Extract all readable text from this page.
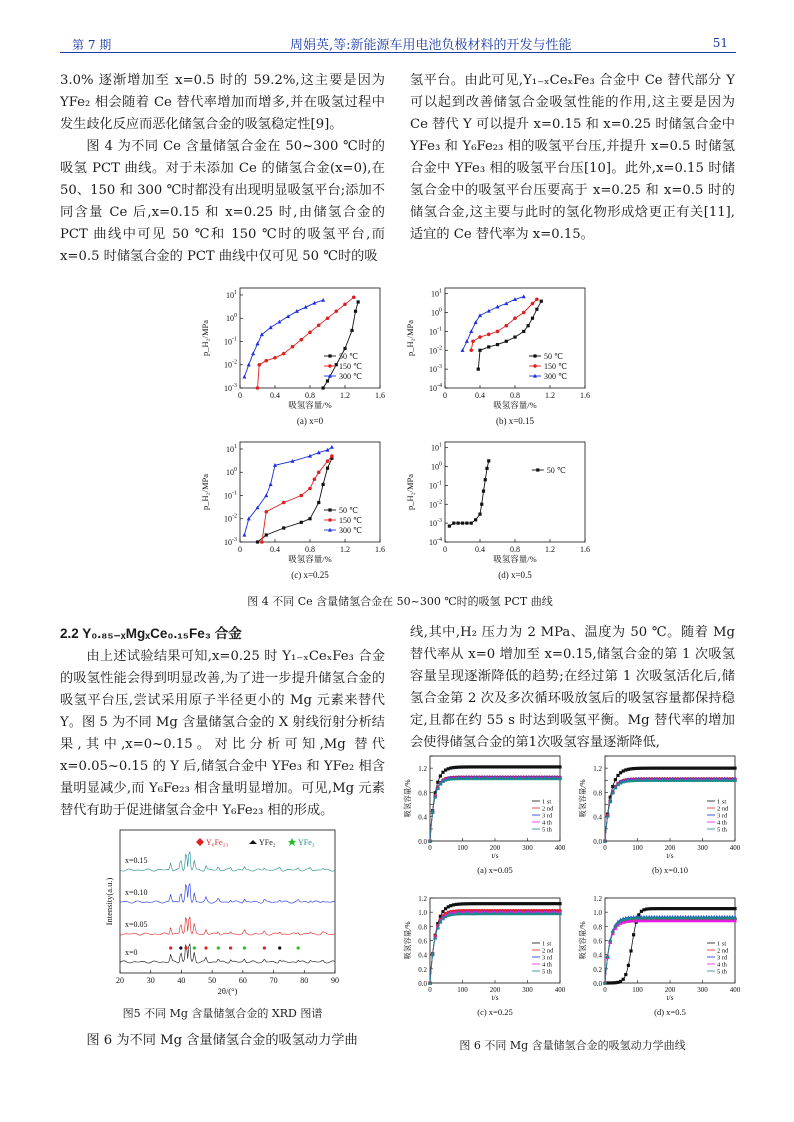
第 7 期	周娟英,等:新能源车用电池负极材料的开发与性能	51

3.0% 逐渐增加至 x=0.5 时的 59.2%,这主要是因为 YFe₂ 相会随着 Ce 替代率增加而增多,并在吸氢过程中发生歧化反应而恶化储氢合金的吸氢稳定性[9]。

图 4 为不同 Ce 含量储氢合金在 50~300 ℃时的吸氢 PCT 曲线。对于未添加 Ce 的储氢合金(x=0),在 50、150 和 300 ℃时都没有出现明显吸氢平台;添加不同含量 Ce 后,x=0.15 和 x=0.25 时,由储氢合金的 PCT 曲线中可见 50 ℃和 150 ℃时的吸氢平台,而 x=0.5 时储氢合金的 PCT 曲线中仅可见 50 ℃时的吸

氢平台。由此可见,Y₁₋ₓCeₓFe₃ 合金中 Ce 替代部分 Y 可以起到改善储氢合金吸氢性能的作用,这主要是因为 Ce 替代 Y 可以提升 x=0.15 和 x=0.25 时储氢合金中 YFe₃ 和 Y₆Fe₂₃ 相的吸氢平台压,并提升 x=0.5 时储氢合金中 YFe₃ 相的吸氢平台压[10]。此外,x=0.15 时储氢合金中的吸氢平台压要高于 x=0.25 和 x=0.5 时的储氢合金,这主要与此时的氢化物形成焓更正有关[11],适宜的 Ce 替代率为 x=0.15。

$10^{-3}$
$10^{-2}$
$10^{-1}$
$10^0$
$10^1$
0	0.4	0.8	1.2	1.6
吸氢容量/%
p_H₂/MPa
50 ℃
150 ℃
300 ℃
(a) x=0
$10^{-4}$
$10^{-3}$
$10^{-2}$
$10^{-1}$
$10^0$
$10^1$
0	0.4	0.8	1.2	1.6
吸氢容量/%
p_H₂/MPa
50 ℃
150 ℃
300 ℃
(b) x=0.15
$10^{-3}$
$10^{-2}$
$10^{-1}$
$10^0$
$10^1$
0	0.4	0.8	1.2	1.6
吸氢容量/%
p_H₂/MPa
50 ℃
150 ℃
300 ℃
(c) x=0.25
$10^{-4}$
$10^{-3}$
$10^{-2}$
$10^{-1}$
$10^0$
$10^1$
0	0.4	0.8	1.2	1.6
吸氢容量/%
p_H₂/MPa
50 ℃
(d) x=0.5
图 4 不同 Ce 含量储氢合金在 50~300 ℃时的吸氢 PCT 曲线
2.2 Y₀.₈₅₋ₓMgₓCe₀.₁₅Fe₃ 合金

由上述试验结果可知,x=0.25 时 Y₁₋ₓCeₓFe₃ 合金的吸氢性能会得到明显改善,为了进一步提升储氢合金的吸氢平台压,尝试采用原子半径更小的 Mg 元素来替代 Y。图 5 为不同 Mg 含量储氢合金的 X 射线衍射分析结果,其中,x=0~0.15。对比分析可知,Mg 替代 x=0.05~0.15 的 Y 后,储氢合金中 YFe₃ 和 YFe₂ 相含量明显减少,而 Y₆Fe₂₃ 相含量明显增加。可见,Mg 元素替代有助于促进储氢合金中 Y₆Fe₂₃ 相的形成。

20	30	40	50	60	70	80	90
2θ/(°)
Intensity(a.u.)
Y₆Fe₂₃	YFe₂	YFe₃
x=0.15
x=0.10
x=0.05
x=0
图5 不同 Mg 含量储氢合金的 XRD 图谱

图 6 为不同 Mg 含量储氢合金的吸氢动力学曲

线,其中,H₂ 压力为 2 MPa、温度为 50 ℃。随着 Mg 替代率从 x=0 增加至 x=0.15,储氢合金的第 1 次吸氢容量呈现逐渐降低的趋势;在经过第 1 次吸氢活化后,储氢合金第 2 次及多次循环吸放氢后的吸氢容量都保持稳定,且都在约 55 s 时达到吸氢平衡。Mg 替代率的增加会使得储氢合金的第1次吸氢容量逐渐降低,

0.0
0.4
0.8
1.2
0	100	200	300	400
t/s
吸氢容量/%	1 st
2 nd
3 rd
4 th
5 th
(a) x=0.05
0.0
0.4
0.8
1.2
0	100	200	300	400
t/s
吸氢容量/%	1 st
2 nd
3 rd
4 th
5 th
(b) x=0.10
0.0
0.2
0.4
0.6
0.8
1.0
1.2
0	100	200	300	400
t/s
吸氢容量/%	1 st
2 nd
3 rd
4 th
5 th
(c) x=0.25
0.0
0.2
0.4
0.6
0.8
1.0
1.2
0	100	200	300	400
t/s
吸氢容量/%	1 st
2 nd
3 rd
4 th
5 th
(d) x=0.5
图 6 不同 Mg 含量储氢合金的吸氢动力学曲线
